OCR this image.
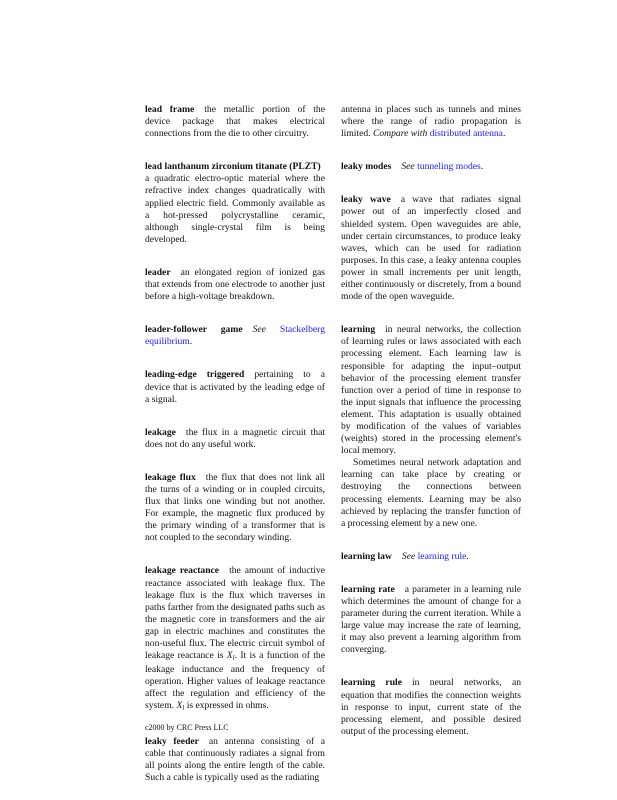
lead frame the metallic portion of the device package that makes electrical connections from the die to other circuitry.

lead lanthanum zirconium titanate (PLZT)
a quadratic electro-optic material where the refractive index changes quadratically with applied electric field. Commonly available as a hot-pressed polycrystalline ceramic, although single-crystal film is being developed.

leader an elongated region of ionized gas that extends from one electrode to another just before a high-voltage breakdown.

leader-follower game See Stackelberg equilibrium.

leading-edge triggered pertaining to a device that is activated by the leading edge of a signal.

leakage the flux in a magnetic circuit that does not do any useful work.

leakage flux the flux that does not link all the turns of a winding or in coupled circuits, flux that links one winding but not another. For example, the magnetic flux produced by the primary winding of a transformer that is not coupled to the secondary winding.

leakage reactance the amount of inductive reactance associated with leakage flux. The leakage flux is the flux which traverses in paths farther from the designated paths such as the magnetic core in transformers and the air gap in electric machines and constitutes the non-useful flux. The electric circuit symbol of leakage reactance is $X_l$. It is a function of the leakage inductance and the frequency of operation. Higher values of leakage reactance affect the regulation and efficiency of the system. $X_l$ is expressed in ohms.

leaky feeder an antenna consisting of a cable that continuously radiates a signal from all points along the entire length of the cable. Such a cable is typically used as the radiating

antenna in places such as tunnels and mines where the range of radio propagation is limited. Compare with distributed antenna.

leaky modes See tunneling modes.

leaky wave a wave that radiates signal power out of an imperfectly closed and shielded system. Open waveguides are able, under certain circumstances, to produce leaky waves, which can be used for radiation purposes. In this case, a leaky antenna couples power in small increments per unit length, either continuously or discretely, from a bound mode of the open waveguide.

learning in neural networks, the collection of learning rules or laws associated with each processing element. Each learning law is responsible for adapting the input–output behavior of the processing element transfer function over a period of time in response to the input signals that influence the processing element. This adaptation is usually obtained by modification of the values of variables (weights) stored in the processing element's local memory.

Sometimes neural network adaptation and learning can take place by creating or destroying the connections between processing elements. Learning may be also achieved by replacing the transfer function of a processing element by a new one.

learning law See learning rule.

learning rate a parameter in a learning rule which determines the amount of change for a parameter during the current iteration. While a large value may increase the rate of learning, it may also prevent a learning algorithm from converging.

learning rule in neural networks, an equation that modifies the connection weights in response to input, current state of the processing element, and possible desired output of the processing element.

c2000 by CRC Press LLC
